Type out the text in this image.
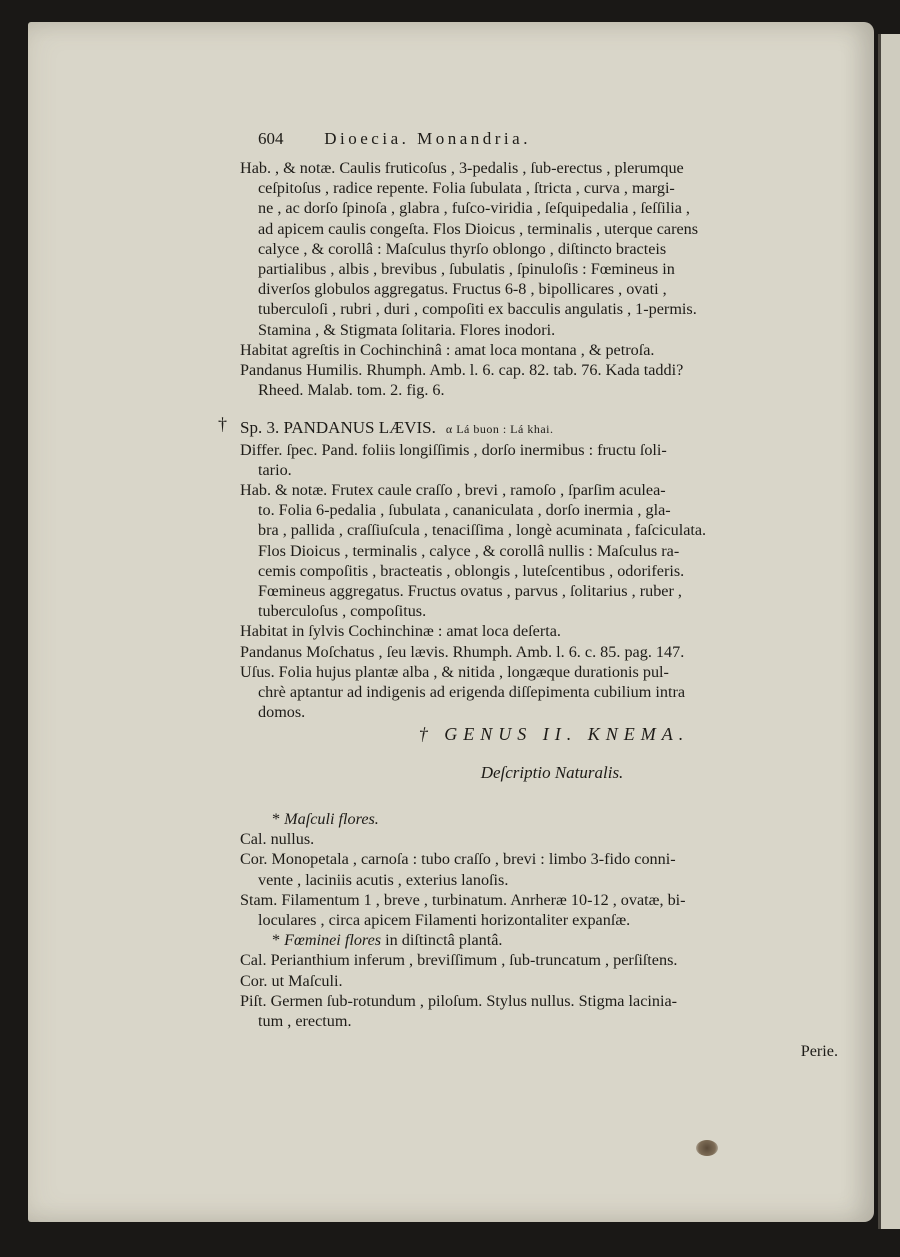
604 Dioecia. Monandria.
Hab. , & notæ. Caulis fruticoſus , 3-pedalis , ſub-erectus , plerumque
ceſpitoſus , radice repente. Folia ſubulata , ſtricta , curva , margi-
ne , ac dorſo ſpinoſa , glabra , fuſco-viridia , ſeſquipedalia , ſeſſilia ,
ad apicem caulis congeſta. Flos Dioicus , terminalis , uterque carens
calyce , & corollâ : Maſculus thyrſo oblongo , diſtincto bracteis
partialibus , albis , brevibus , ſubulatis , ſpinuloſis : Fœmineus in
diverſos globulos aggregatus. Fructus 6-8 , bipollicares , ovati ,
tuberculoſi , rubri , duri , compoſiti ex bacculis angulatis , 1-permis.
Stamina , & Stigmata ſolitaria. Flores inodori.
Habitat agreſtis in Cochinchinâ : amat loca montana , & petroſa.
Pandanus Humilis. Rhumph. Amb. l. 6. cap. 82. tab. 76. Kada taddi?
Rheed. Malab. tom. 2. fig. 6.
† Sp. 3. PANDANUS LÆVIS. α Lá buon : Lá khai.
Differ. ſpec. Pand. foliis longiſſimis , dorſo inermibus : fructu ſoli-
tario.
Hab. & notæ. Frutex caule craſſo , brevi , ramoſo , ſparſim aculea-
to. Folia 6-pedalia , ſubulata , cananiculata , dorſo inermia , gla-
bra , pallida , craſſiuſcula , tenaciſſima , longè acuminata , faſciculata.
Flos Dioicus , terminalis , calyce , & corollâ nullis : Maſculus ra-
cemis compoſitis , bracteatis , oblongis , luteſcentibus , odoriferis.
Fœmineus aggregatus. Fructus ovatus , parvus , ſolitarius , ruber ,
tuberculoſus , compoſitus.
Habitat in ſylvis Cochinchinæ : amat loca deſerta.
Pandanus Moſchatus , ſeu lævis. Rhumph. Amb. l. 6. c. 85. pag. 147.
Uſus. Folia hujus plantæ alba , & nitida , longæque durationis pul-
chrè aptantur ad indigenis ad erigenda diſſepimenta cubilium intra
domos.
† GENUS II. KNEMA.
Deſcriptio Naturalis.
* Maſculi flores.
Cal. nullus.
Cor. Monopetala , carnoſa : tubo craſſo , brevi : limbo 3-fido conni-
vente , laciniis acutis , exterius lanoſis.
Stam. Filamentum 1 , breve , turbinatum. Anrheræ 10-12 , ovatæ, bi-
loculares , circa apicem Filamenti horizontaliter expanſæ.
* Fœminei flores in diſtinctâ plantâ.
Cal. Perianthium inferum , breviſſimum , ſub-truncatum , perſiſtens.
Cor. ut Maſculi.
Piſt. Germen ſub-rotundum , piloſum. Stylus nullus. Stigma lacinia-
tum , erectum.
Perie.
